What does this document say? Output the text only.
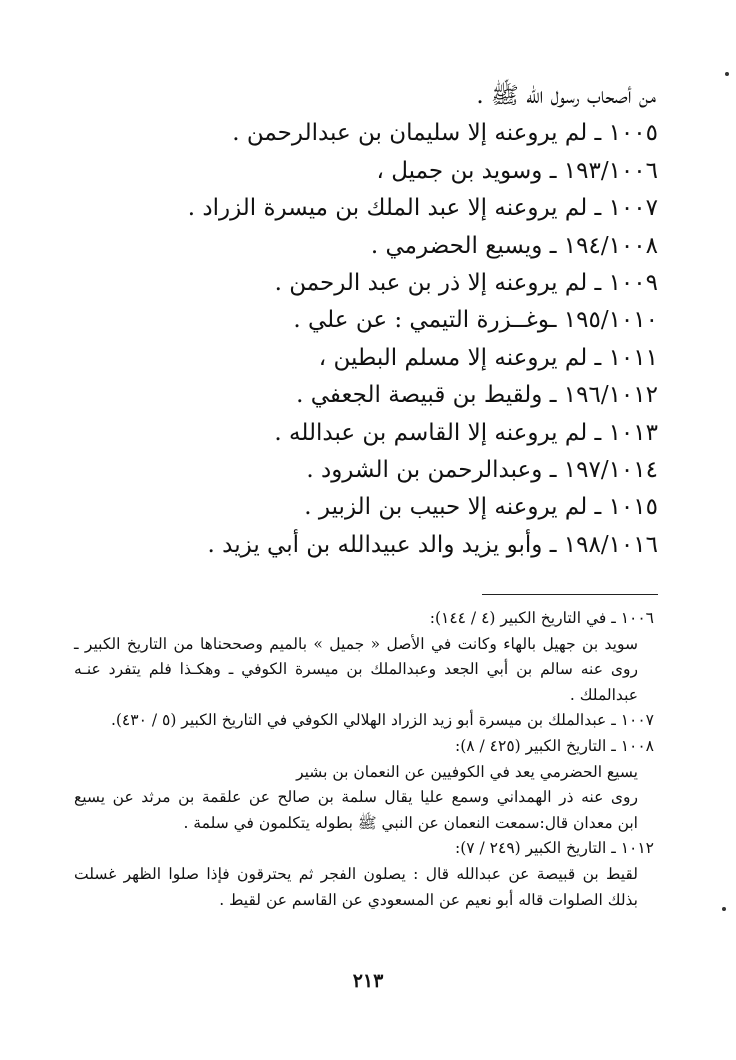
من أصحاب رسول الله ﷺ .
١٠٠٥ ـ لم يروعنه إلا سليمان بن عبدالرحمن .
١٩٣/١٠٠٦ ـ وسويد بن جميل ،
١٠٠٧ ـ لم يروعنه إلا عبد الملك بن ميسرة الزراد .
١٩٤/١٠٠٨ ـ ويسيع الحضرمي .
١٠٠٩ ـ لم يروعنه إلا ذر بن عبد الرحمن .
١٩٥/١٠١٠ ـوغــزرة التيمي : عن علي .
١٠١١ ـ لم يروعنه إلا مسلم البطين ،
١٩٦/١٠١٢ ـ ولقيط بن قبيصة الجعفي .
١٠١٣ ـ لم يروعنه إلا القاسم بن عبدالله .
١٩٧/١٠١٤ ـ وعبدالرحمن بن الشرود .
١٠١٥ ـ لم يروعنه إلا حبيب بن الزبير .
١٩٨/١٠١٦ ـ وأبو يزيد والد عبيدالله بن أبي يزيد .
١٠٠٦ ـ في التاريخ الكبير (٤ / ١٤٤):
سويد بن جهيل بالهاء وكانت في الأصل « جميل » بالميم وصححناها من التاريخ الكبير ـ
روى عنه سالم بن أبي الجعد وعبدالملك بن ميسرة الكوفي ـ وهكـذا فلم يتفرد عنـه
عبدالملك .
١٠٠٧ ـ عبدالملك بن ميسرة أبو زيد الزراد الهلالي الكوفي في التاريخ الكبير (٥ / ٤٣٠).
١٠٠٨ ـ التاريخ الكبير (٤٢٥ / ٨):
يسيع الحضرمي يعد في الكوفيين عن النعمان بن بشير
روى عنه ذر الهمداني وسمع عليا يقال سلمة بن صالح عن علقمة بن مرثد عن يسيع
ابن معدان قال:سمعت النعمان عن النبي ﷺ بطوله يتكلمون في سلمة .
١٠١٢ ـ التاريخ الكبير (٢٤٩ / ٧):
لقيط بن قبيصة عن عبدالله قال : يصلون الفجر ثم يحترقون فإذا صلوا الظهر غسلت
بذلك الصلوات قاله أبو نعيم عن المسعودي عن القاسم عن لقيط .
٢١٣
